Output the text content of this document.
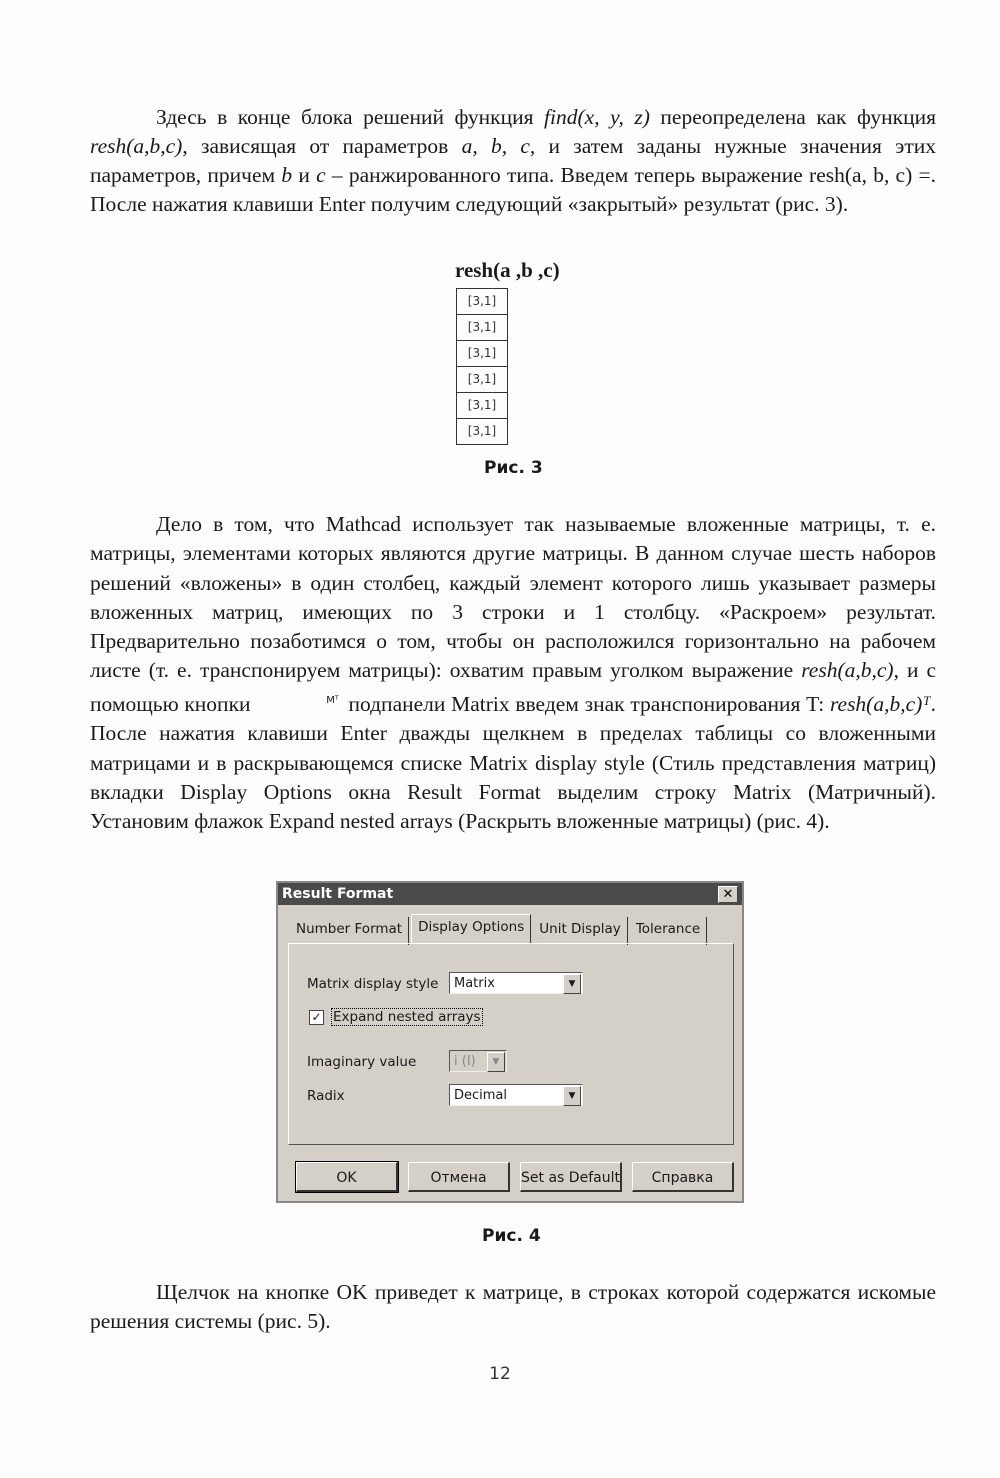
Здесь в конце блока решений функция find(x, y, z) переопределена как функция resh(a,b,c), зависящая от параметров a, b, c, и затем заданы нужные значения этих параметров, причем b и c – ранжированного типа. Введем теперь выражение resh(a, b, c) =. После нажатия клавиши Enter получим следующий «закрытый» результат (рис. 3).
resh(a ,b ,c)
[3,1]
[3,1]
[3,1]
[3,1]
[3,1]
[3,1]
Рис. 3
Дело в том, что Mathcad использует так называемые вложенные матрицы, т. е. матрицы, элементами которых являются другие матрицы. В данном случае шесть наборов решений «вложены» в один столбец, каждый элемент которого лишь указывает размеры вложенных матриц, имеющих по 3 строки и 1 столбцу. «Раскроем» результат. Предварительно позаботимся о том, чтобы он расположился горизонтально на рабочем листе (т. е. транспонируем матрицы): охватим правым уголком выражение resh(a,b,c), и с помощью кнопки	Mᵀ подпанели Matrix введем знак транспонирования T: resh(a,b,c)ᵀ. После нажатия клавиши Enter дважды щелкнем в пределах таблицы со вложенными матрицами и в раскрывающемся списке Matrix display style (Стиль представления матриц) вкладки Display Options окна Result Format выделим строку Matrix (Матричный). Установим флажок Expand nested arrays (Раскрыть вложенные матрицы) (рис. 4).
Result Format	✕
Number Format	Display Options	Unit Display	Tolerance
Matrix display style	Matrix	▼
✓ Expand nested arrays
Imaginary value	i (I)	▼
Radix	Decimal	▼
OK	Отмена	Set as Default	Справка
Рис. 4
Щелчок на кнопке OK приведет к матрице, в строках которой содержатся искомые решения системы (рис. 5).
12
